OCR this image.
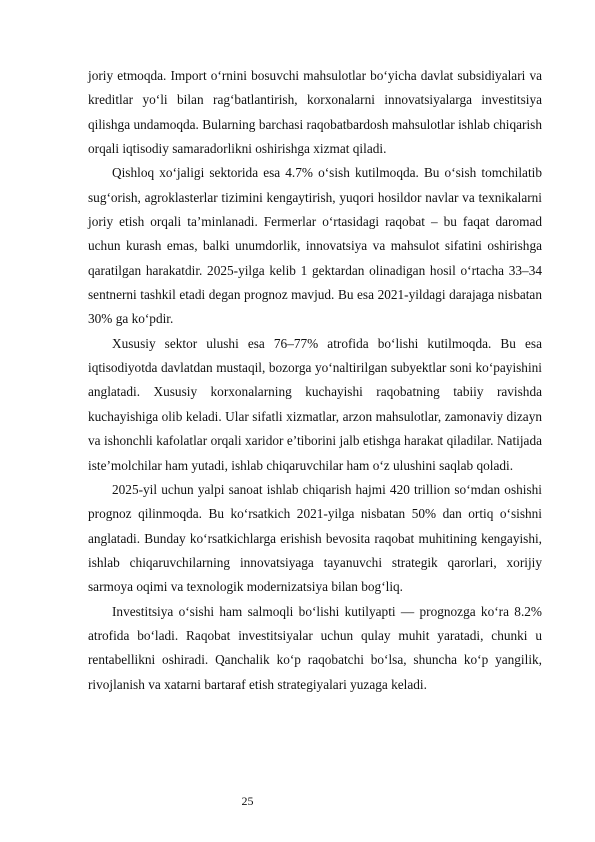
joriy etmoqda. Import o‘rnini bosuvchi mahsulotlar bo‘yicha davlat subsidiyalari va kreditlar yo‘li bilan rag‘batlantirish, korxonalarni innovatsiyalarga investitsiya qilishga undamoqda. Bularning barchasi raqobatbardosh mahsulotlar ishlab chiqarish orqali iqtisodiy samaradorlikni oshirishga xizmat qiladi.

Qishloq xo‘jaligi sektorida esa 4.7% o‘sish kutilmoqda. Bu o‘sish tomchilatib sug‘orish, agroklasterlar tizimini kengaytirish, yuqori hosildor navlar va texnikalarni joriy etish orqali ta’minlanadi. Fermerlar o‘rtasidagi raqobat – bu faqat daromad uchun kurash emas, balki unumdorlik, innovatsiya va mahsulot sifatini oshirishga qaratilgan harakatdir. 2025-yilga kelib 1 gektardan olinadigan hosil o‘rtacha 33–34 sentnerni tashkil etadi degan prognoz mavjud. Bu esa 2021-yildagi darajaga nisbatan 30% ga ko‘pdir.

Xususiy sektor ulushi esa 76–77% atrofida bo‘lishi kutilmoqda. Bu esa iqtisodiyotda davlatdan mustaqil, bozorga yo‘naltirilgan subyektlar soni ko‘payishini anglatadi. Xususiy korxonalarning kuchayishi raqobatning tabiiy ravishda kuchayishiga olib keladi. Ular sifatli xizmatlar, arzon mahsulotlar, zamonaviy dizayn va ishonchli kafolatlar orqali xaridor e’tiborini jalb etishga harakat qiladilar. Natijada iste’molchilar ham yutadi, ishlab chiqaruvchilar ham o‘z ulushini saqlab qoladi.

2025-yil uchun yalpi sanoat ishlab chiqarish hajmi 420 trillion so‘mdan oshishi prognoz qilinmoqda. Bu ko‘rsatkich 2021-yilga nisbatan 50% dan ortiq o‘sishni anglatadi. Bunday ko‘rsatkichlarga erishish bevosita raqobat muhitining kengayishi, ishlab chiqaruvchilarning innovatsiyaga tayanuvchi strategik qarorlari, xorijiy sarmoya oqimi va texnologik modernizatsiya bilan bog‘liq.

Investitsiya o‘sishi ham salmoqli bo‘lishi kutilyapti — prognozga ko‘ra 8.2% atrofida bo‘ladi. Raqobat investitsiyalar uchun qulay muhit yaratadi, chunki u rentabellikni oshiradi. Qanchalik ko‘p raqobatchi bo‘lsa, shuncha ko‘p yangilik, rivojlanish va xatarni bartaraf etish strategiyalari yuzaga keladi.

25
